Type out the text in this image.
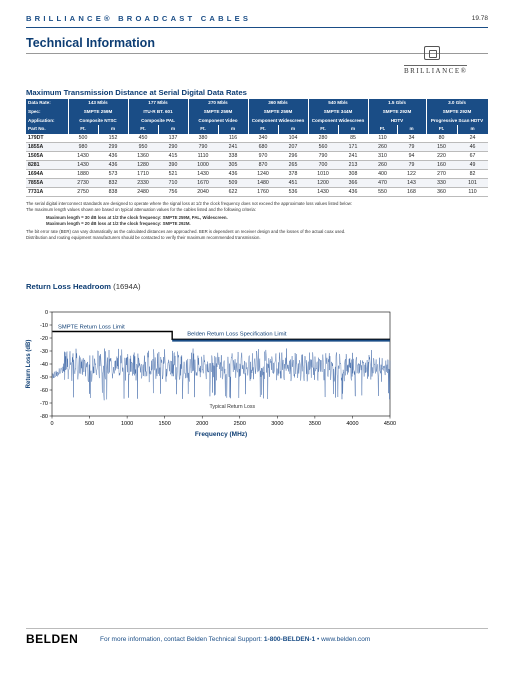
BRILLIANCE® BROADCAST CABLES	19.78
Technical Information
BRILLIANCE®
Maximum Transmission Distance at Serial Digital Data Rates
Data Rate:	143 Mb/s		177 Mb/s		270 Mb/s		360 Mb/s		540 Mb/s		1.5 Gb/s		3.0 Gb/s	
Spec:	SMPTE 259M		ITU-R BT. 601		SMPTE 259M		SMPTE 259M		SMPTE 344M		SMPTE 292M		SMPTE 292M	
Application:	Composite NTSC		Composite PAL		Component Video		Component Widescreen		Component Widescreen		HDTV		Progressive Scan HDTV	
Part No.	Ft.	m	Ft.	m	Ft.	m	Ft.	m	Ft.	m	Ft.	m	Ft.	m
179DT	500	152	450	137	380	116	340	104	280	85	110	34	80	24
1855A	980	299	950	290	790	241	680	207	560	171	260	79	150	46
1505A	1430	436	1360	415	1110	338	970	296	790	241	310	94	220	67
8281	1430	436	1280	390	1000	305	870	265	700	213	260	79	160	49
1694A	1880	573	1710	521	1430	436	1240	378	1010	308	400	122	270	82
7855A	2730	832	2330	710	1670	509	1480	451	1200	366	470	143	330	101
7731A	2750	838	2480	756	2040	622	1760	536	1430	436	550	168	360	110
The serial digital interconnect standards are designed to operate where the signal loss at 1/2 the clock frequency does not exceed the approximate loss values listed below:
The maximum length values shown are based on typical attenuation values for the cables listed and the following criteria:
Maximum length = 30 dB loss at 1/2 the clock frequency: SMPTE 259M, PAL, Widescreen.
Maximum length = 20 dB loss at 1/2 the clock frequency: SMPTE 292M.
The bit error rate (BER) can vary dramatically as the calculated distances are approached. BER is dependent on receiver design and the losses of the actual coax used.
Distribution and routing equipment manufacturers should be contacted to verify their maximum recommended transmission.
Return Loss Headroom (1694A)
0	500	1000	1500	2000	2500	3000	3500	4000	4500
0
-10
-20
-30
-40
-50
-60
-70
-80
Frequency (MHz)
Return Loss (dB)
SMPTE Return Loss Limit
Belden Return Loss Specification Limit
Typical Return Loss
BELDEN	For more information, contact Belden Technical Support: 1-800-BELDEN-1 • www.belden.com
